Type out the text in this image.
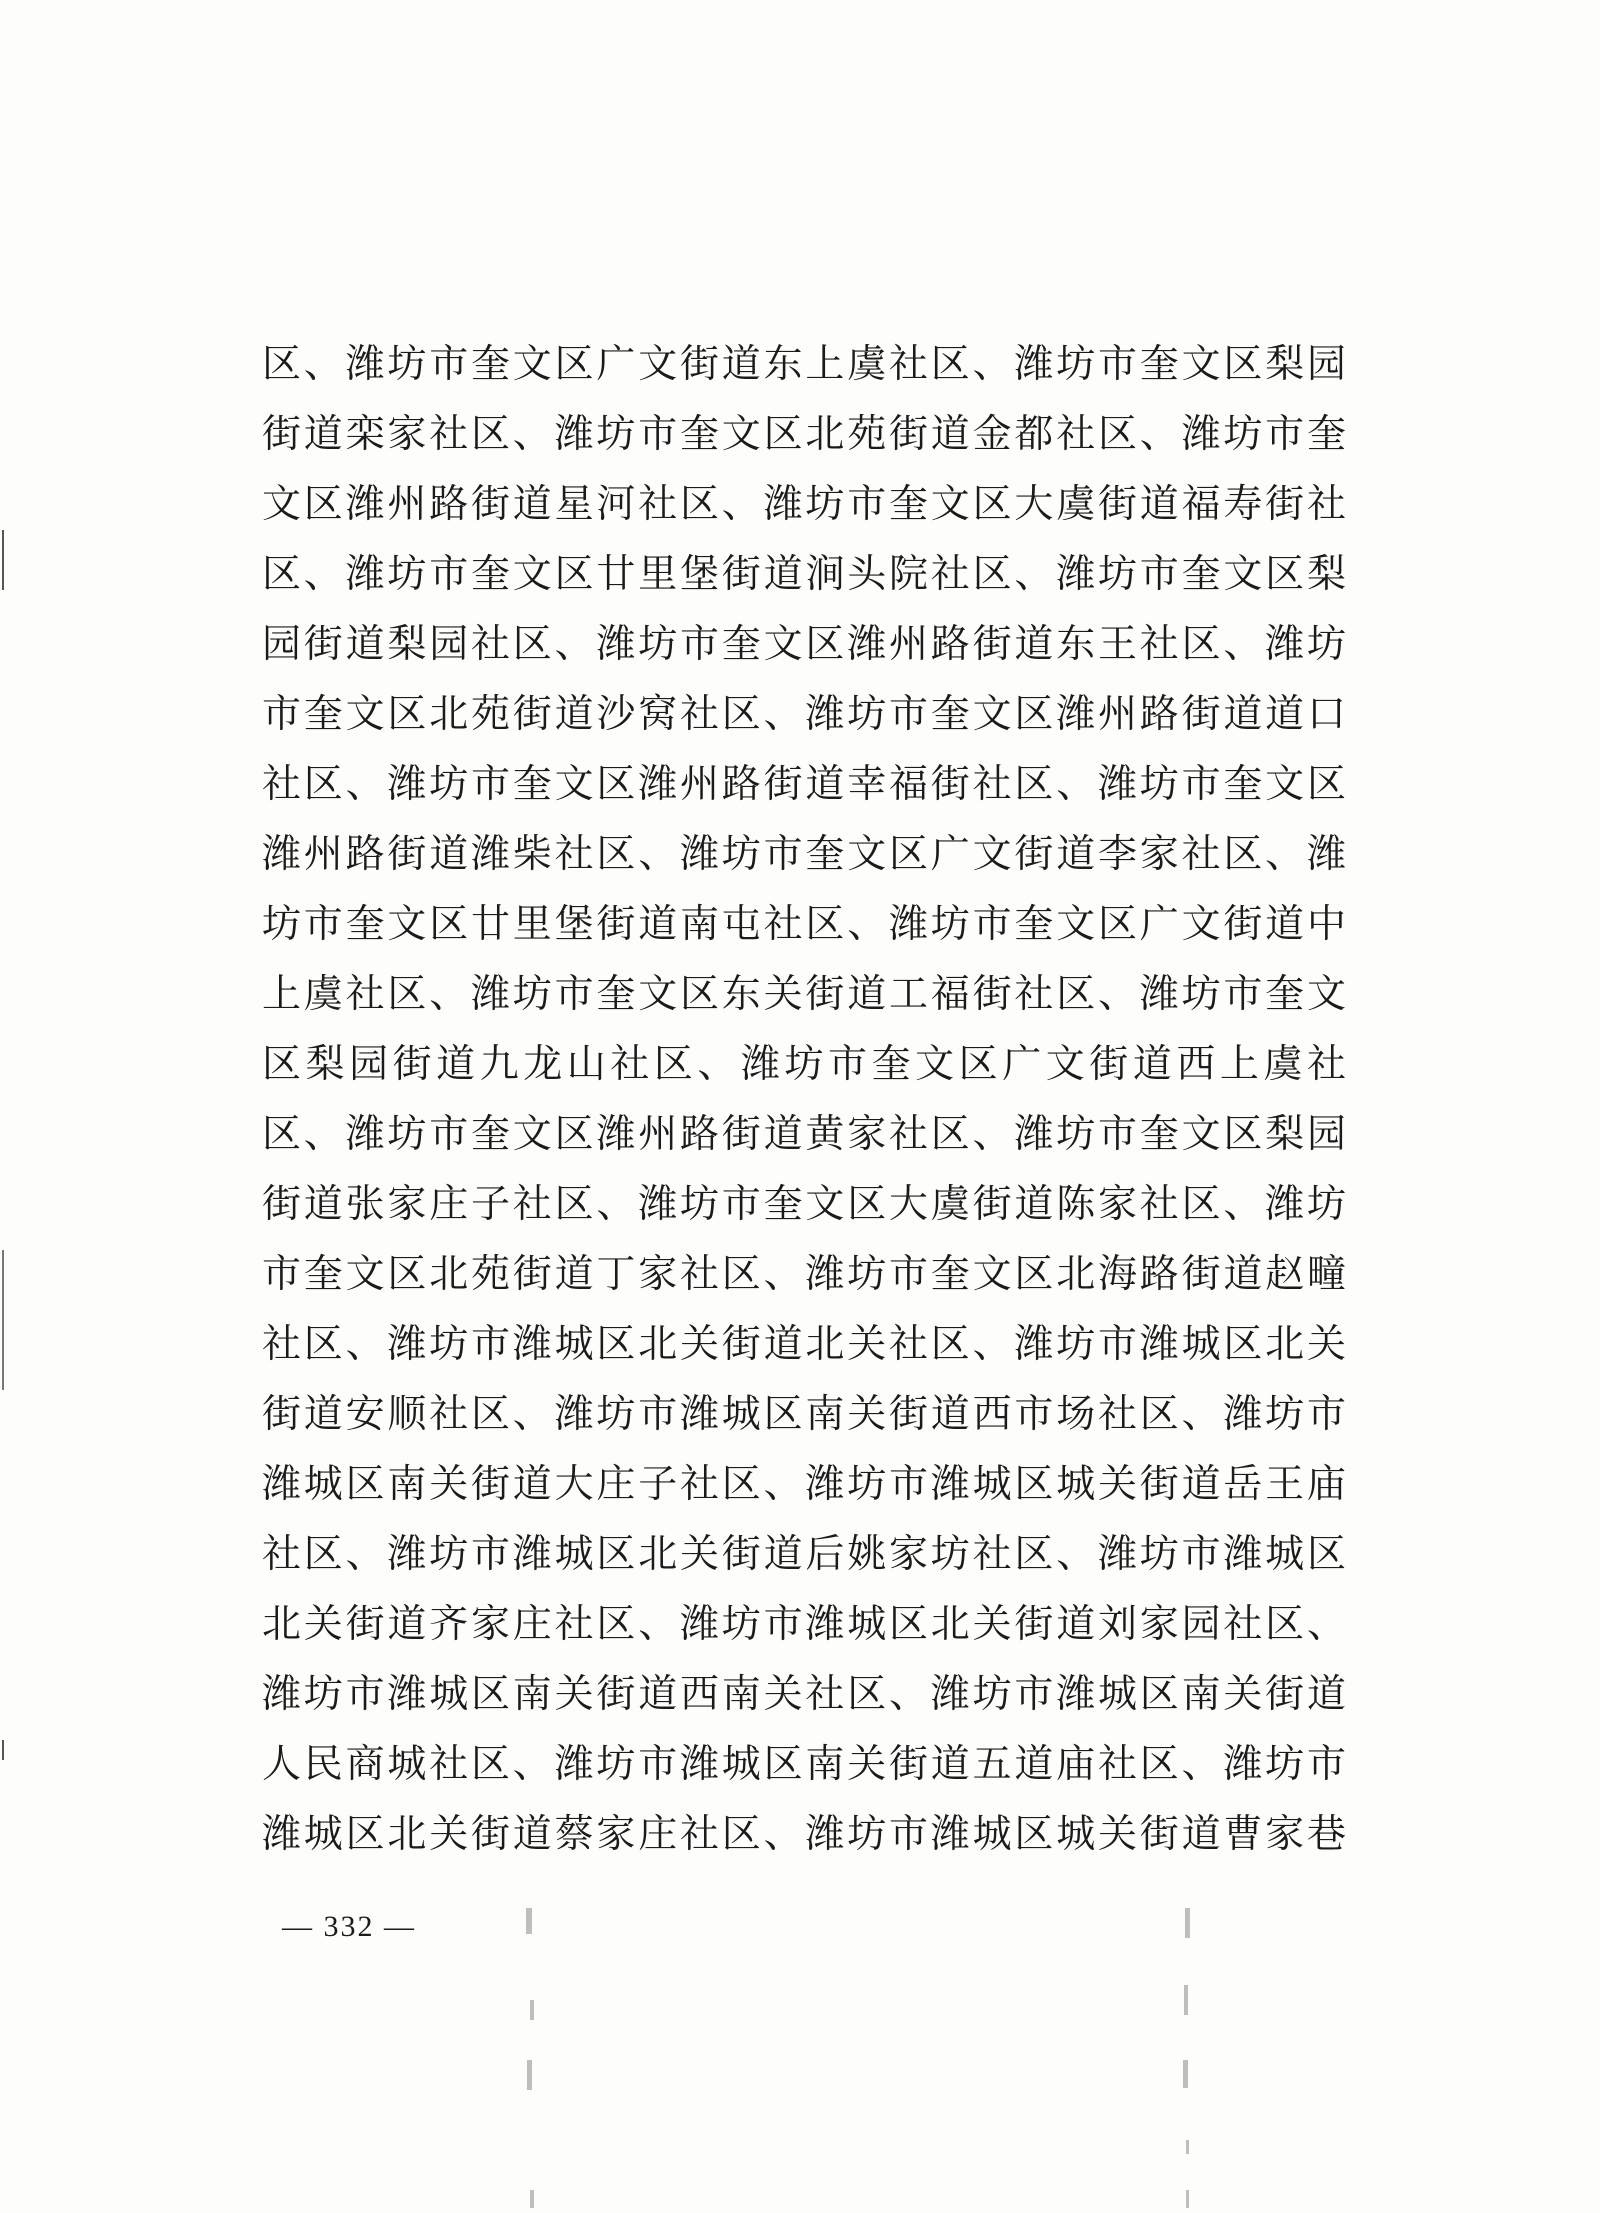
区、潍坊市奎文区广文街道东上虞社区、潍坊市奎文区梨园
街道栾家社区、潍坊市奎文区北苑街道金都社区、潍坊市奎
文区潍州路街道星河社区、潍坊市奎文区大虞街道福寿街社
区、潍坊市奎文区廿里堡街道涧头院社区、潍坊市奎文区梨
园街道梨园社区、潍坊市奎文区潍州路街道东王社区、潍坊
市奎文区北苑街道沙窝社区、潍坊市奎文区潍州路街道道口
社区、潍坊市奎文区潍州路街道幸福街社区、潍坊市奎文区
潍州路街道潍柴社区、潍坊市奎文区广文街道李家社区、潍
坊市奎文区廿里堡街道南屯社区、潍坊市奎文区广文街道中
上虞社区、潍坊市奎文区东关街道工福街社区、潍坊市奎文
区梨园街道九龙山社区、潍坊市奎文区广文街道西上虞社
区、潍坊市奎文区潍州路街道黄家社区、潍坊市奎文区梨园
街道张家庄子社区、潍坊市奎文区大虞街道陈家社区、潍坊
市奎文区北苑街道丁家社区、潍坊市奎文区北海路街道赵疃
社区、潍坊市潍城区北关街道北关社区、潍坊市潍城区北关
街道安顺社区、潍坊市潍城区南关街道西市场社区、潍坊市
潍城区南关街道大庄子社区、潍坊市潍城区城关街道岳王庙
社区、潍坊市潍城区北关街道后姚家坊社区、潍坊市潍城区
北关街道齐家庄社区、潍坊市潍城区北关街道刘家园社区、
潍坊市潍城区南关街道西南关社区、潍坊市潍城区南关街道
人民商城社区、潍坊市潍城区南关街道五道庙社区、潍坊市
潍城区北关街道蔡家庄社区、潍坊市潍城区城关街道曹家巷
— 332 —
